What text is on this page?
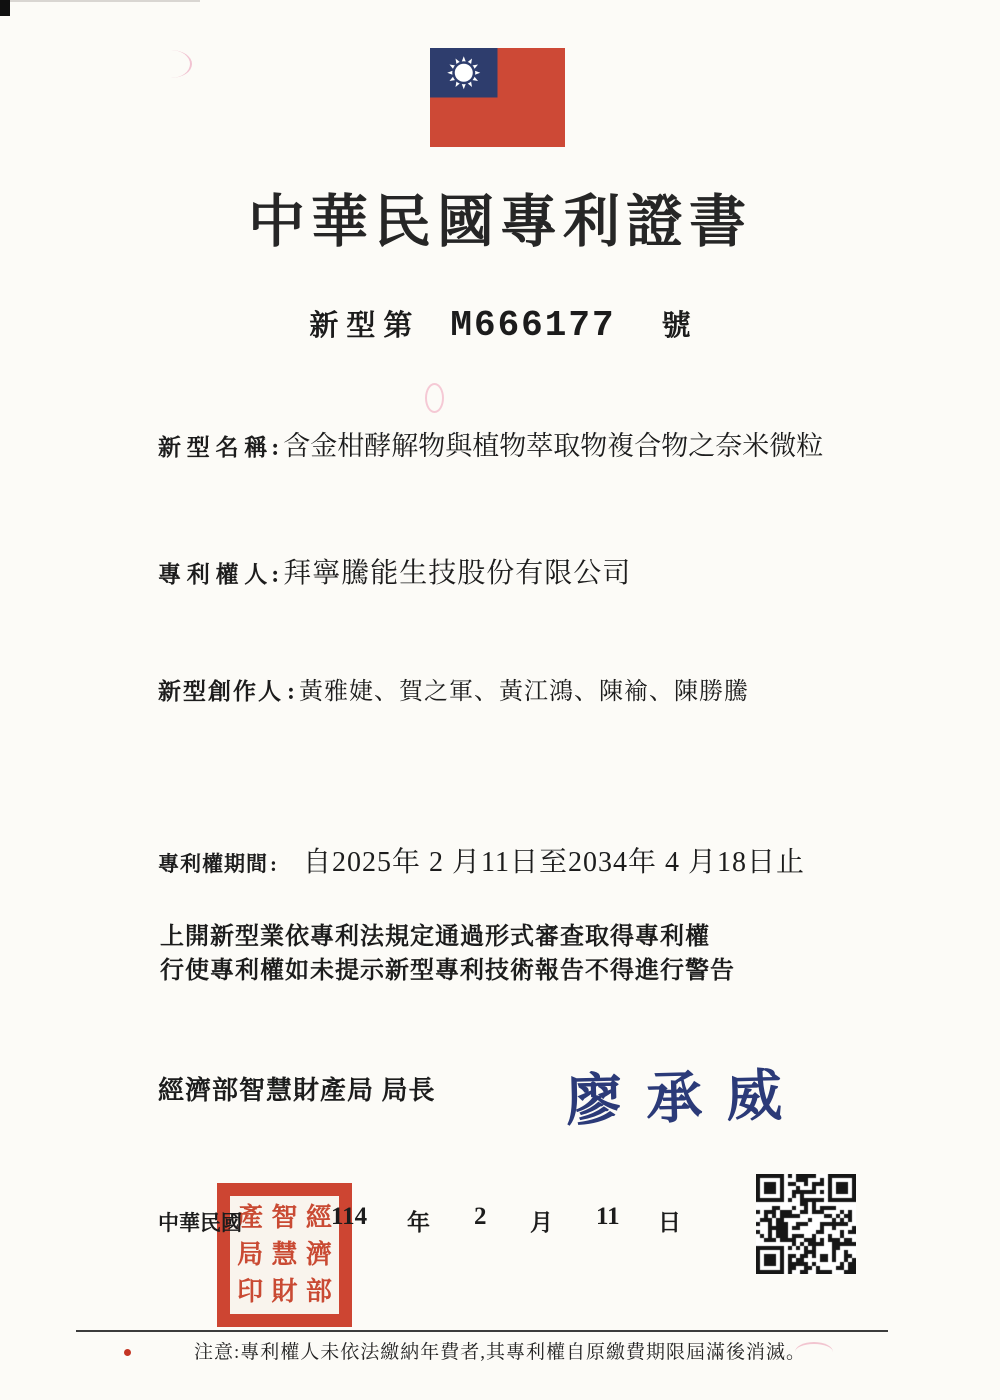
中華民國專利證書
新型第 M666177 號
新 型 名 稱 : 含金柑酵解物與植物萃取物複合物之奈米微粒
專 利 權 人 : 拜寧騰能生技股份有限公司
新型創作人 : 黃雅婕、賀之軍、黃江鴻、陳褕、陳勝騰
專利權期間 : 自2025年 2 月11日至2034年 4 月18日止
上開新型業依專利法規定通過形式審查取得專利權
行使專利權如未提示新型專利技術報告不得進行警告
經濟部智慧財產局 局長 廖承威
中華民國	114 年 2 月 11 日
產 智 經
局 慧 濟
印 財 部
注意:專利權人未依法繳納年費者,其專利權自原繳費期限屆滿後消滅。
